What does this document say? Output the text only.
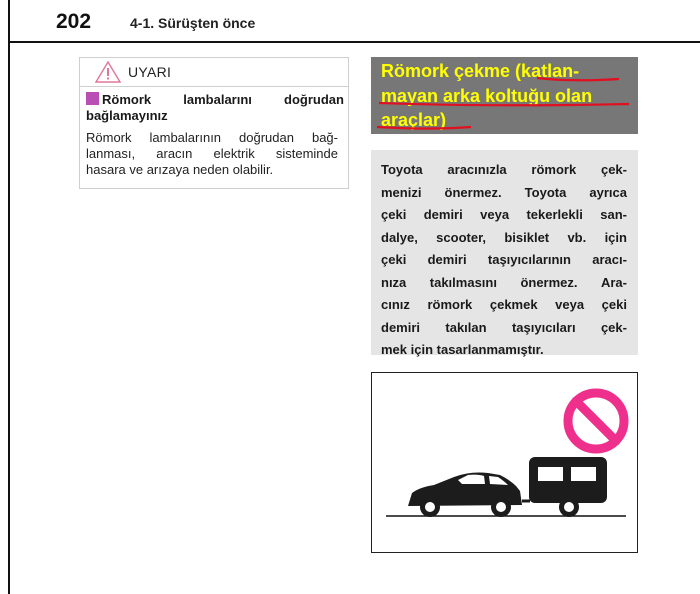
202	4-1. Sürüşten önce
UYARI
Römork lambalarını doğrudan
bağlamayınız
Römork lambalarının doğrudan bağ-
lanması, aracın elektrik sisteminde
hasara ve arızaya neden olabilir.
Römork çekme (katlan-
mayan arka koltuğu olan
araçlar)
Toyota aracınızla römork çek-
menizi önermez. Toyota ayrıca
çeki demiri veya tekerlekli san-
dalye, scooter, bisiklet vb. için
çeki demiri taşıyıcılarının aracı-
nıza takılmasını önermez. Ara-
cınız römork çekmek veya çeki
demiri takılan taşıyıcıları çek-
mek için tasarlanmamıştır.
